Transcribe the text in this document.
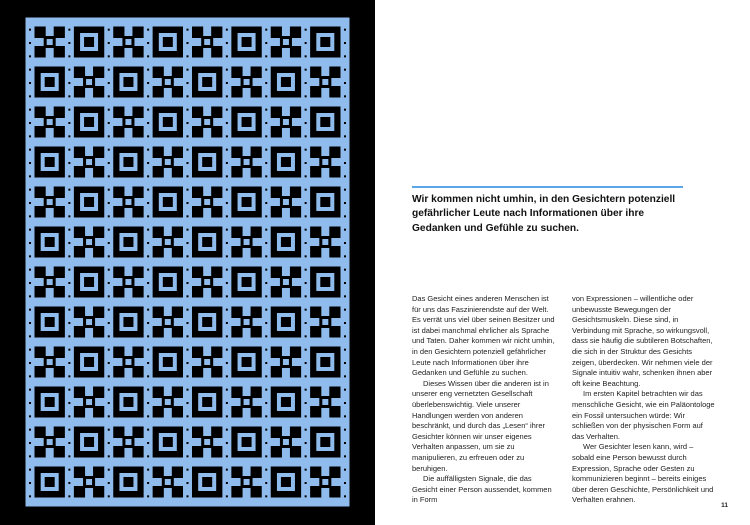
Wir kommen nicht umhin, in den Gesichtern potenziell gefährlicher Leute nach Informationen über ihre Gedanken und Gefühle zu suchen.

Das Gesicht eines anderen Menschen ist für uns das Faszinierendste auf der Welt. Es verrät uns viel über seinen Besitzer und ist dabei manchmal ehrlicher als Sprache und Taten. Daher kommen wir nicht umhin, in den Gesichtern potenziell gefährlicher Leute nach Informationen über ihre Gedanken und Gefühle zu suchen.

Dieses Wissen über die anderen ist in unserer eng vernetzten Gesellschaft überlebenswichtig. Viele unserer Handlungen werden von anderen beschränkt, und durch das „Lesen“ ihrer Gesichter können wir unser eigenes Verhalten anpassen, um sie zu manipulieren, zu erfreuen oder zu beruhigen.

Die auffälligsten Signale, die das Gesicht einer Person aussendet, kommen in Form

von Expressionen – willentliche oder unbewusste Bewegungen der Gesichtsmuskeln. Diese sind, in Verbindung mit Sprache, so wirkungsvoll, dass sie häufig die subtileren Botschaften, die sich in der Struktur des Gesichts zeigen, überdecken. Wir nehmen viele der Signale intuitiv wahr, schenken ihnen aber oft keine Beachtung.

Im ersten Kapitel betrachten wir das menschliche Gesicht, wie ein Paläontologe ein Fossil untersuchen würde: Wir schließen von der physischen Form auf das Verhalten.

Wer Gesichter lesen kann, wird – sobald eine Person bewusst durch Expression, Sprache oder Gesten zu kommunizieren beginnt – bereits einiges über deren Geschichte, Persönlichkeit und Verhalten erahnen.

11
